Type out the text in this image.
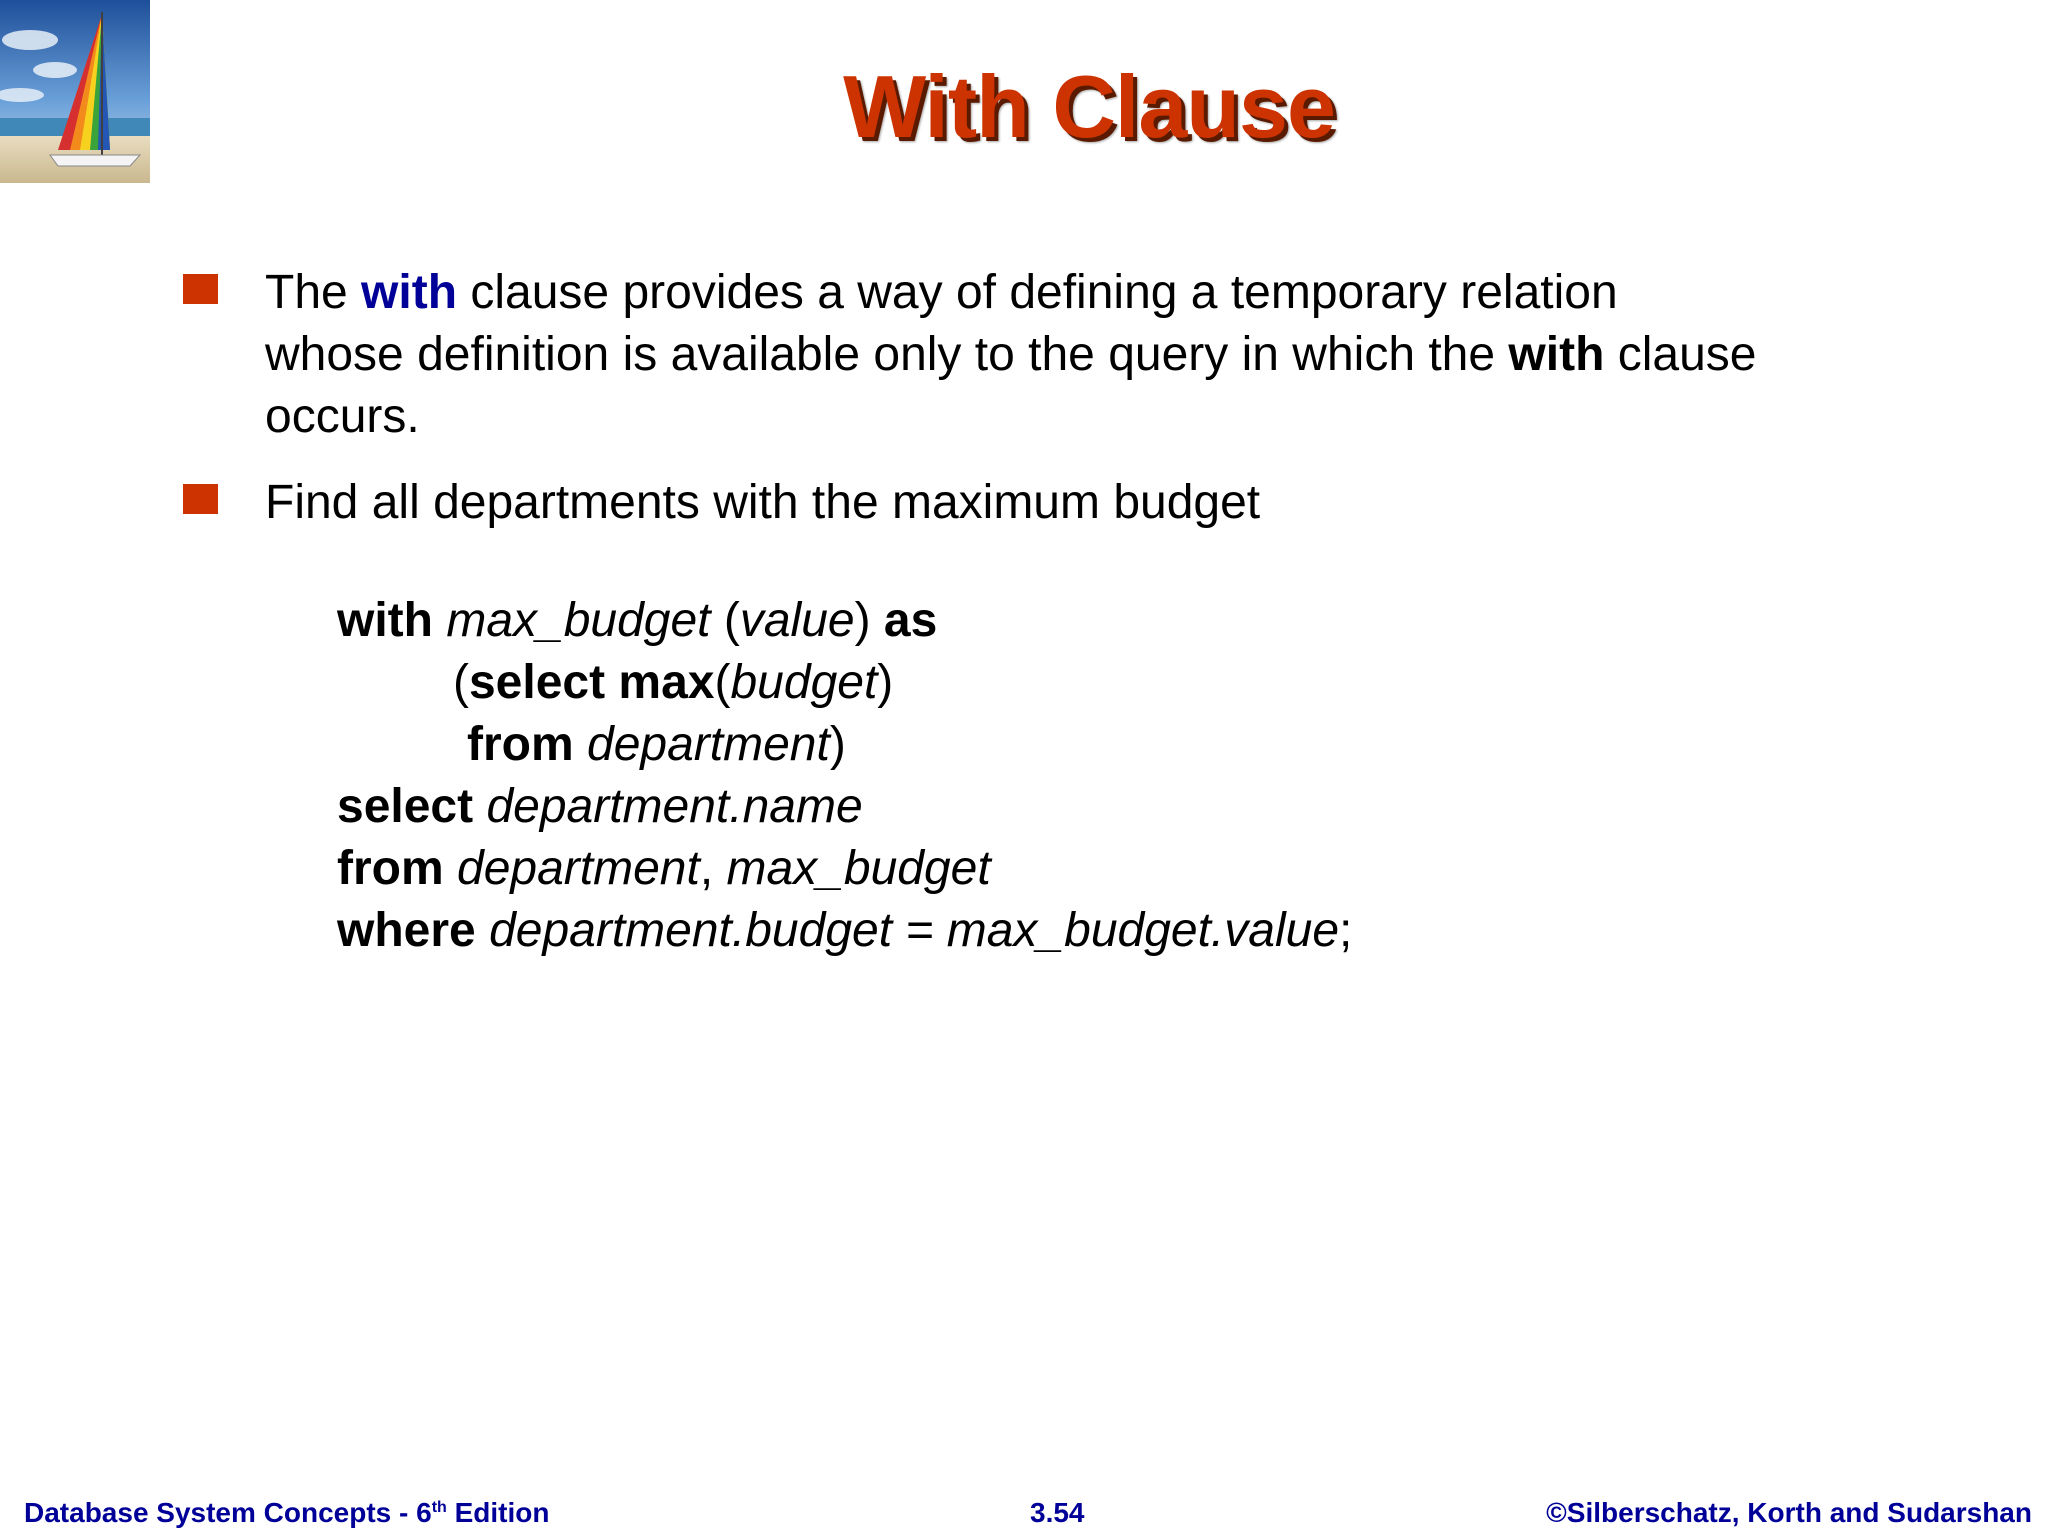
With Clause
The with clause provides a way of defining a temporary relation whose definition is available only to the query in which the with clause occurs.
Find all departments with the maximum budget
with max_budget (value) as
(select max(budget)
from department)
select department.name
from department, max_budget
where department.budget = max_budget.value;
Database System Concepts - 6th Edition	3.54	©Silberschatz, Korth and Sudarshan
